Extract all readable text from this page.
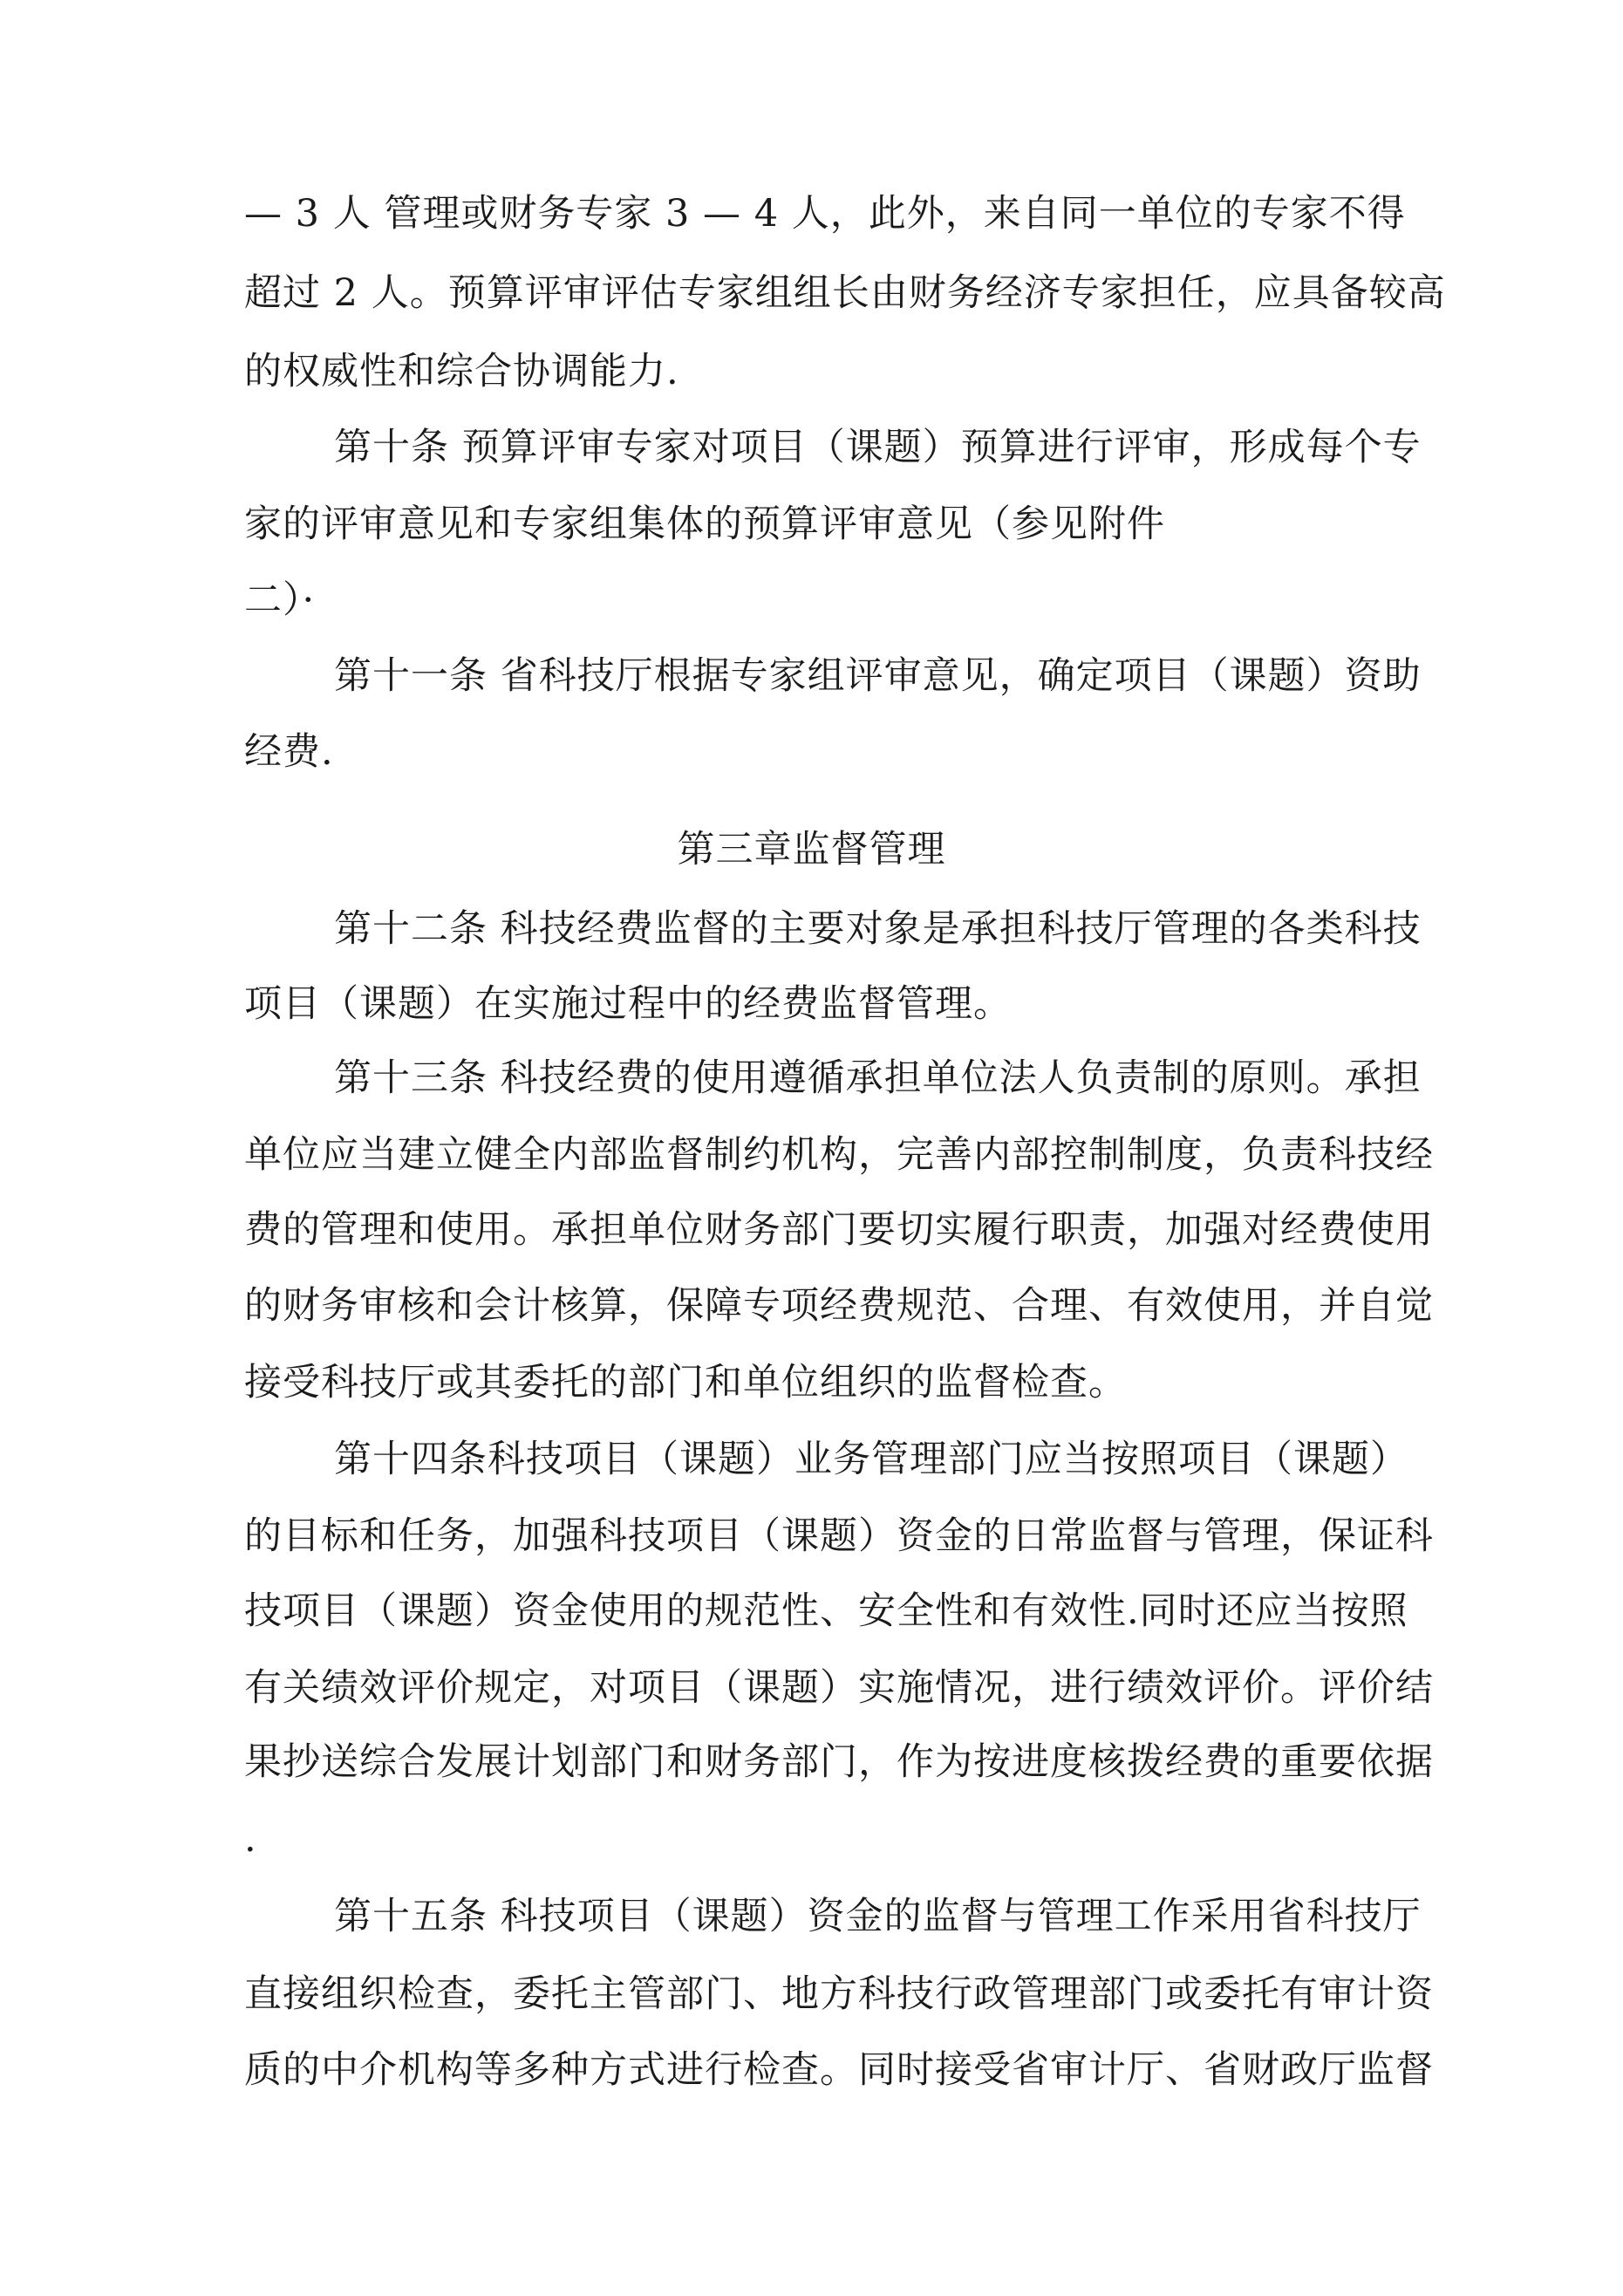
— 3 人 管理或财务专家 3 — 4 人，此外，来自同一单位的专家不得
超过 2 人。预算评审评估专家组组长由财务经济专家担任，应具备较高
的权威性和综合协调能力.
第十条 预算评审专家对项目（课题）预算进行评审，形成每个专
家的评审意见和专家组集体的预算评审意见（参见附件
二）·
第十一条 省科技厅根据专家组评审意见，确定项目（课题）资助
经费.
第三章监督管理
第十二条 科技经费监督的主要对象是承担科技厅管理的各类科技
项目（课题）在实施过程中的经费监督管理。
第十三条 科技经费的使用遵循承担单位法人负责制的原则。承担
单位应当建立健全内部监督制约机构，完善内部控制制度，负责科技经
费的管理和使用。承担单位财务部门要切实履行职责，加强对经费使用
的财务审核和会计核算，保障专项经费规范、合理、有效使用，并自觉
接受科技厅或其委托的部门和单位组织的监督检查。
第十四条科技项目（课题）业务管理部门应当按照项目（课题）
的目标和任务，加强科技项目（课题）资金的日常监督与管理，保证科
技项目（课题）资金使用的规范性、安全性和有效性.同时还应当按照
有关绩效评价规定，对项目（课题）实施情况，进行绩效评价。评价结
果抄送综合发展计划部门和财务部门，作为按进度核拨经费的重要依据
.
第十五条 科技项目（课题）资金的监督与管理工作采用省科技厅
直接组织检查，委托主管部门、地方科技行政管理部门或委托有审计资
质的中介机构等多种方式进行检查。同时接受省审计厅、省财政厅监督
